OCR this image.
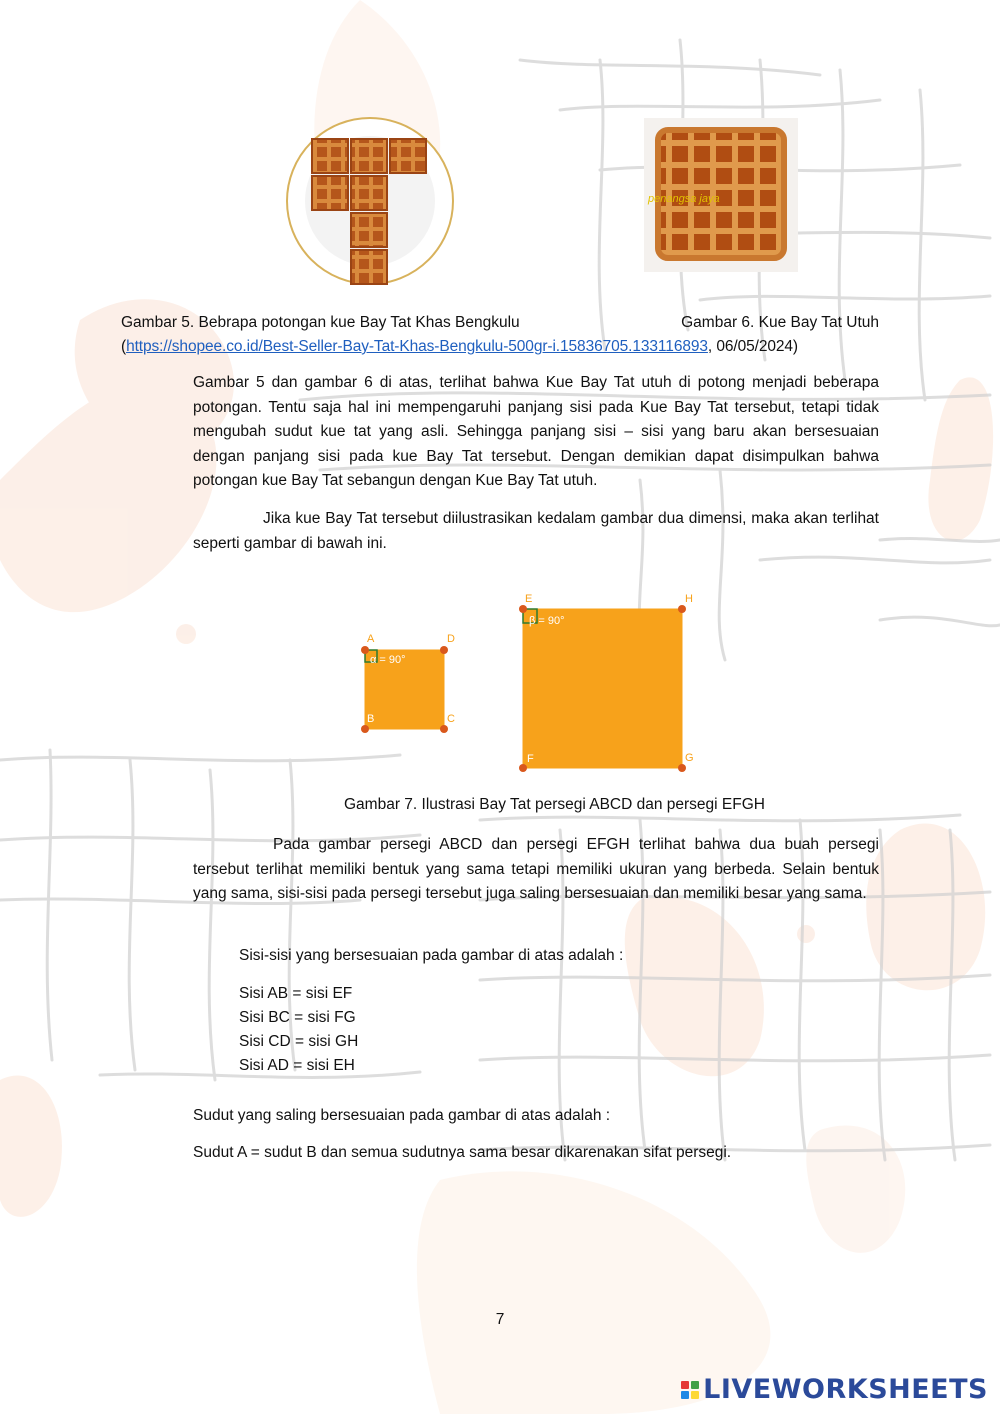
penangsa jaya
Gambar 5. Bebrapa potongan kue Bay Tat Khas Bengkulu	Gambar 6. Kue Bay Tat Utuh
(https://shopee.co.id/Best-Seller-Bay-Tat-Khas-Bengkulu-500gr-i.15836705.133116893, 06/05/2024)
Gambar 5 dan gambar 6 di atas, terlihat bahwa Kue Bay Tat utuh di potong menjadi beberapa potongan. Tentu saja hal ini mempengaruhi panjang sisi pada Kue Bay Tat tersebut, tetapi tidak mengubah sudut kue tat yang asli. Sehingga panjang sisi – sisi yang baru akan bersesuaian dengan panjang sisi pada kue Bay Tat tersebut. Dengan demikian dapat disimpulkan bahwa potongan kue Bay Tat sebangun dengan Kue Bay Tat utuh.
Jika kue Bay Tat tersebut diilustrasikan kedalam gambar dua dimensi, maka akan terlihat seperti gambar di bawah ini.
α = 90°
A
B	C
D
β = 90°
E
F	G
H
Gambar 7. Ilustrasi Bay Tat persegi ABCD dan persegi EFGH
Pada gambar persegi ABCD dan persegi EFGH terlihat bahwa dua buah persegi tersebut terlihat memiliki bentuk yang sama tetapi memiliki ukuran yang berbeda. Selain bentuk yang sama, sisi-sisi pada persegi tersebut juga saling bersesuaian dan memiliki besar yang sama.
Sisi-sisi yang bersesuaian pada gambar di atas adalah :
Sisi AB = sisi EF
Sisi BC = sisi FG
Sisi CD = sisi GH
Sisi AD = sisi EH
Sudut yang saling bersesuaian pada gambar di atas adalah :
Sudut A = sudut B dan semua sudutnya sama besar dikarenakan sifat persegi.
7
LIVEWORKSHEETS
